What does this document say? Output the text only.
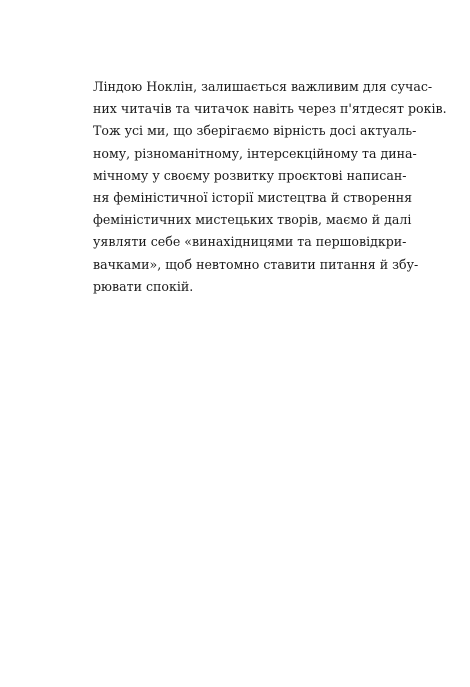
Ліндою Ноклін, залишається важливим для сучас-
них читачів та читачок навіть через п'ятдесят років.
Тож усі ми, що зберігаємо вірність досі актуаль-
ному, різноманітному, інтерсекційному та дина-
мічному у своєму розвитку проєктові написан-
ня феміністичної історії мистецтва й створення
феміністичних мистецьких творів, маємо й далі
уявляти себе «винахідницями та першовідкри-
вачками», щоб невтомно ставити питання й збу-
рювати спокій.
